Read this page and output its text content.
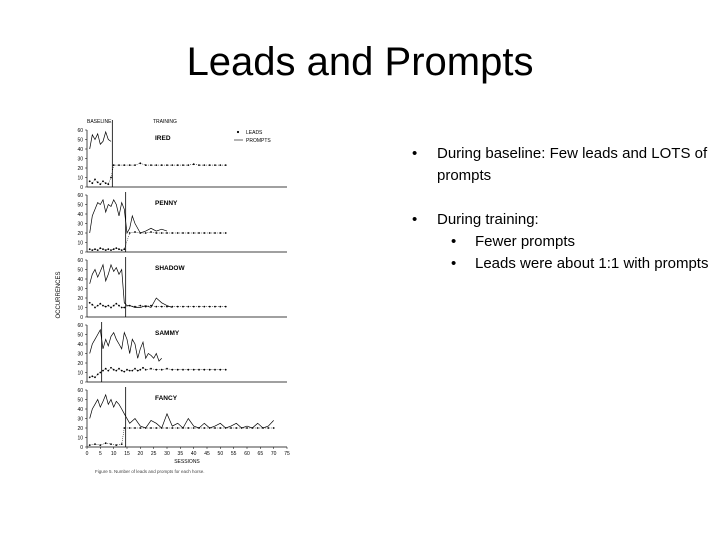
Leads and Prompts
BASELINE	TRAINING
LEADS
PROMPTS
0
10
20
30
40
50
60
IRED
0
10
20
30
40
50
60
PENNY
0
10
20
30
40
50
60
SHADOW
0
10
20
30
40
50
60
SAMMY
0
10
20
30
40
50
60
FANCY
0 5 10 15 20 25 30 35 40 45 50 55 60 65 70 75
SESSIONS
Figure 5. Number of leads and prompts for each horse.
OCCURRENCES
• During baseline: Few leads and LOTS of prompts
• During training:
• Fewer prompts
• Leads were about 1:1 with prompts
